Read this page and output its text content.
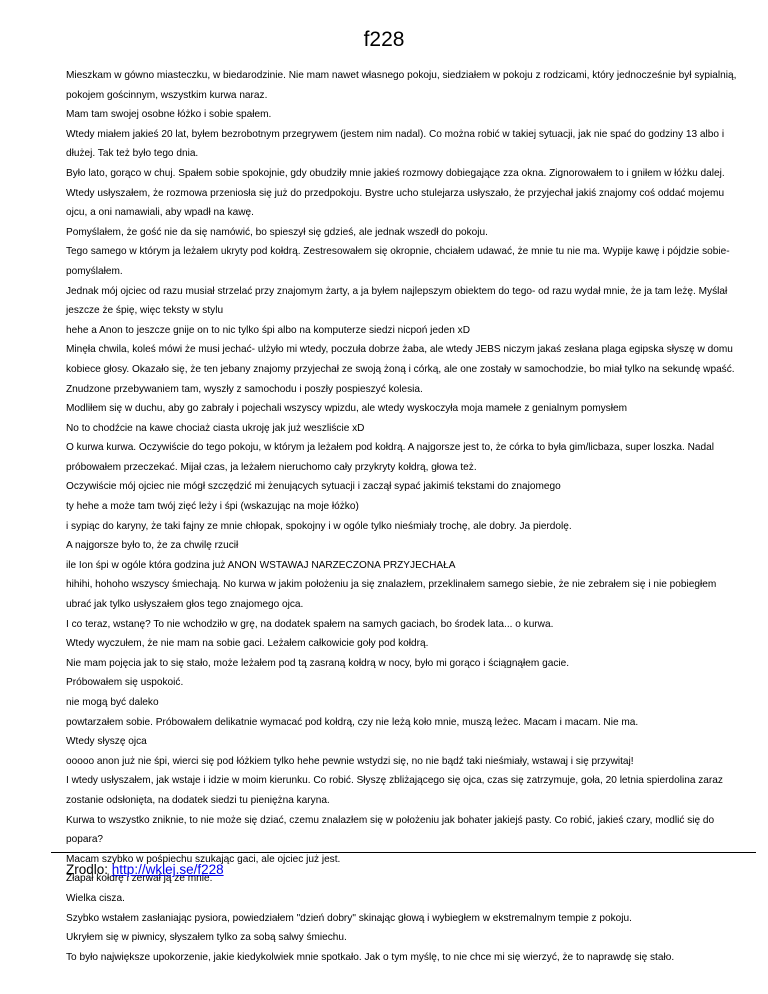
f228

Mieszkam w gówno miasteczku, w biedarodzinie. Nie mam nawet własnego pokoju, siedziałem w pokoju z rodzicami, który jednocześnie był sypialnią, pokojem gościnnym, wszystkim kurwa naraz.

Mam tam swojej osobne łóżko i sobie spałem.

Wtedy miałem jakieś 20 lat, byłem bezrobotnym przegrywem (jestem nim nadal). Co można robić w takiej sytuacji, jak nie spać do godziny 13 albo i dłużej. Tak też było tego dnia.

Było lato, gorąco w chuj. Spałem sobie spokojnie, gdy obudziły mnie jakieś rozmowy dobiegające zza okna. Zignorowałem to i gniłem w łóżku dalej.

Wtedy usłyszałem, że rozmowa przeniosła się już do przedpokoju. Bystre ucho stulejarza usłyszało, że przyjechał jakiś znajomy coś oddać mojemu ojcu, a oni namawiali, aby wpadł na kawę.

Pomyślałem, że gość nie da się namówić, bo spieszył się gdzieś, ale jednak wszedł do pokoju.

Tego samego w którym ja leżałem ukryty pod kołdrą. Zestresowałem się okropnie, chciałem udawać, że mnie tu nie ma. Wypije kawę i pójdzie sobie- pomyślałem.

Jednak mój ojciec od razu musiał strzelać przy znajomym żarty, a ja byłem najlepszym obiektem do tego- od razu wydał mnie, że ja tam leżę. Myślał jeszcze że śpię, więc teksty w stylu

hehe a Anon to jeszcze gnije on to nic tylko śpi albo na komputerze siedzi nicpoń jeden xD

Minęła chwila, koleś mówi że musi jechać- ulżyło mi wtedy, poczuła dobrze żaba, ale wtedy JEBS niczym jakaś zesłana plaga egipska słyszę w domu kobiece głosy. Okazało się, że ten jebany znajomy przyjechał ze swoją żoną i córką, ale one zostały w samochodzie, bo miał tylko na sekundę wpaść.

Znudzone przebywaniem tam, wyszły z samochodu i poszły pospieszyć kolesia.

Modliłem się w duchu, aby go zabrały i pojechali wszyscy wpizdu, ale wtedy wyskoczyła moja mamełe z genialnym pomysłem

No to chodźcie na kawe chociaż ciasta ukroję jak już weszliście xD

O kurwa kurwa. Oczywiście do tego pokoju, w którym ja leżałem pod kołdrą. A najgorsze jest to, że córka to była gim/licbaza, super loszka. Nadal próbowałem przeczekać. Mijał czas, ja leżałem nieruchomo cały przykryty kołdrą, głowa też.

Oczywiście mój ojciec nie mógł szczędzić mi żenujących sytuacji i zaczął sypać jakimiś tekstami do znajomego

ty hehe a może tam twój zięć leży i śpi (wskazując na moje łóżko)

i sypiąc do karyny, że taki fajny ze mnie chłopak, spokojny i w ogóle tylko nieśmiały trochę, ale dobry. Ja pierdolę.

A najgorsze było to, że za chwilę rzucił

ile Ion śpi w ogóle która godzina już ANON WSTAWAJ NARZECZONA PRZYJECHAŁA

hihihi, hohoho wszyscy śmiechają. No kurwa w jakim położeniu ja się znalazłem, przeklinałem samego siebie, że nie zebrałem się i nie pobiegłem ubrać jak tylko usłyszałem głos tego znajomego ojca.

I co teraz, wstanę? To nie wchodziło w grę, na dodatek spałem na samych gaciach, bo środek lata... o kurwa.

Wtedy wyczułem, że nie mam na sobie gaci. Leżałem całkowicie goły pod kołdrą.

Nie mam pojęcia jak to się stało, może leżałem pod tą zasraną kołdrą w nocy, było mi gorąco i ściągnąłem gacie.

Próbowałem się uspokoić.

nie mogą być daleko

powtarzałem sobie. Próbowałem delikatnie wymacać pod kołdrą, czy nie leżą koło mnie, muszą leżec. Macam i macam. Nie ma.

Wtedy słyszę ojca

ooooo anon już nie śpi, wierci się pod łóżkiem tylko hehe pewnie wstydzi się, no nie bądź taki nieśmiały, wstawaj i się przywitaj!

I wtedy usłyszałem, jak wstaje i idzie w moim kierunku. Co robić. Słyszę zbliżającego się ojca, czas się zatrzymuje, goła, 20 letnia spierdolina zaraz zostanie odsłonięta, na dodatek siedzi tu pieniężna karyna.

Kurwa to wszystko zniknie, to nie może się dziać, czemu znalazłem się w położeniu jak bohater jakiejś pasty. Co robić, jakieś czary, modlić się do popara?

Macam szybko w pośpiechu szukając gaci, ale ojciec już jest.

Złapał kołdrę i zerwał ją ze mnie.

Wielka cisza.

Szybko wstałem zasłaniając pysiora, powiedziałem "dzień dobry" skinając głową i wybiegłem w ekstremalnym tempie z pokoju.

Ukryłem się w piwnicy, słyszałem tylko za sobą salwy śmiechu.

To było największe upokorzenie, jakie kiedykolwiek mnie spotkało. Jak o tym myślę, to nie chce mi się wierzyć, że to naprawdę się stało.

Zrodlo: http://wklej.se/f228
